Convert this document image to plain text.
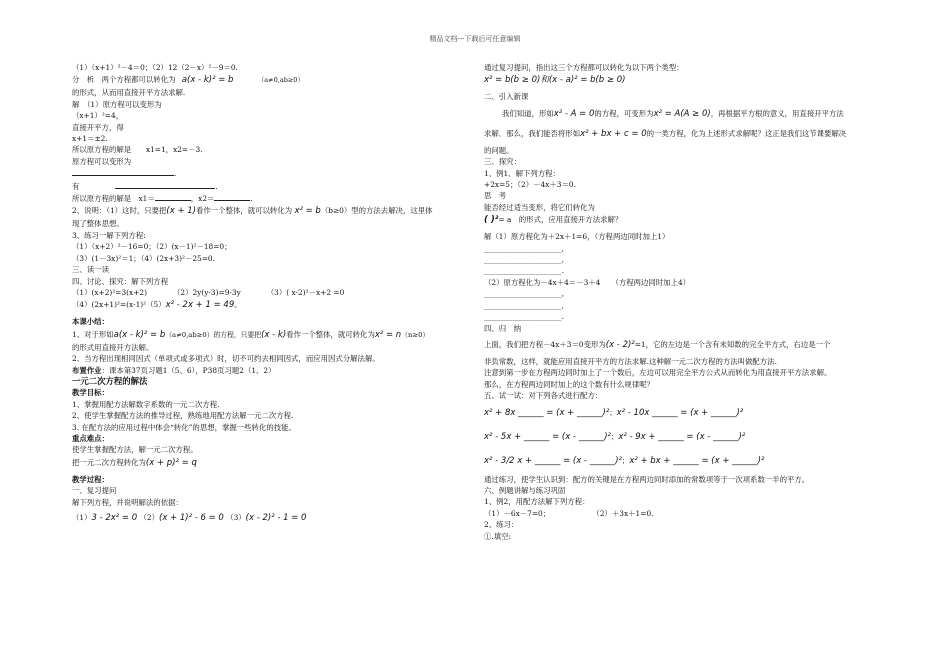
精品文档---下载后可任意编辑
（1）（x+1）²－4＝0；（2）12（2－x）²－9＝0.
分　析　两个方程都可以转化为 a(x - k)² = b	（a≠0,ab≥0）
的形式，从而用直接开平方法求解.
解　（1）原方程可以变形为
（x+1）²=4，
直接开平方，得
x+1＝±2.
所以原方程的解是　　x1=1，x2=－3.
原方程可以变形为
.
有	.
所以原方程的解是　x1＝	，x2＝	.
2、说明：（1）这时，只要把(x + 1)看作一个整体，就可以转化为 x² = b（b≥0）型的方法去解决，这里体
现了整体思想。
3、练习一解下列方程:
（1）（x+2）²－16=0；（2）(x－1)²－18=0；
（3）(1－3x)²＝1；（4）(2x+3)²－25=0.
三、读一读
四、讨论、探究：解下列方程
（1）(x+2)²=3(x+2)	（2）2y(y-3)=9-3y	（3）( x-2)²－x+2 =0
（4）(2x+1)²=(x-1)²（5）x² - 2x + 1 = 49。
本课小结：
1、对于形如a(x - k)² = b（a≠0,ab≥0）的方程，只要把(x - k)看作一个整体，就可转化为x² = n（n≥0）
的形式用直接开方法解。
2、当方程出现相同因式（单项式或多项式）时，切不可约去相同因式，而应用因式分解法解。
布置作业：课本第37页习题1（5、6），P38页习题2（1、2）
一元二次方程的解法
教学目标：
1、掌握用配方法解数字系数的一元二次方程.
2、使学生掌握配方法的推导过程，熟练地用配方法解一元二次方程.
3. 在配方法的应用过程中体会“转化”的思想，掌握一些转化的技能。
重点难点：
使学生掌握配方法，解一元二次方程。
把一元二次方程转化为(x + p)² = q
教学过程：
一、复习提问
解下列方程，并说明解法的依据：
（1）3 - 2x² = 0 （2）(x + 1)² - 6 = 0 （3）(x - 2)² - 1 = 0
通过复习提问，指出这三个方程都可以转化为以下两个类型：
x² = b(b ≥ 0)和(x - a)² = b(b ≥ 0)
二、引入新课
我们知道，形如x² - A = 0的方程，可变形为x² = A(A ≥ 0)，再根据平方根的意义，用直接开平方法
求解．那么，我们能否将形如x² + bx + c = 0的一类方程，化为上述形式求解呢？这正是我们这节课要解决
的问题。
三、探究：
1、例1、解下列方程：
+2x=5；（2）－4x＋3＝0.
思　考
能否经过适当变形，将它们转化为
( )²= a　的形式，应用直接开方法求解？
解（1）原方程化为＋2x＋1=6，（方程两边同时加上1）
_____________________,
_____________________,
_____________________.
（2）原方程化为－4x＋4＝－3＋4　　（方程两边同时加上4）
_____________________,
_____________________,
_____________________.
四、归　纳
上面，我们把方程－4x＋3＝0变形为(x - 2)²=1，它的左边是一个含有未知数的完全平方式，右边是一个
非负常数，这样，就能应用直接开平方的方法求解.这种解一元二次方程的方法叫做配方法.
注意到第一步在方程两边同时加上了一个数后，左边可以用完全平方公式从而转化为用直接开平方法求解。
那么，在方程两边同时加上的这个数有什么规律呢？
五、试一试：对下列各式进行配方：
x² + 8x ______ = (x + ______)²；x² - 10x ______ = (x + ______)²
x² - 5x + ______ = (x - ______)²；x² - 9x + ______ = (x - ______)²
x² - 3/2 x + ______ = (x - ______)²；x² + bx + ______ = (x + ______)²
通过练习，使学生认识到：配方的关键是在方程两边同时添加的常数项等于一次项系数一半的平方。
六、例题讲解与练习巩固
1、例2，用配方法解下列方程：
（1）－6x－7=0；	（2）＋3x＋1=0.
2、练习：
①.填空:
